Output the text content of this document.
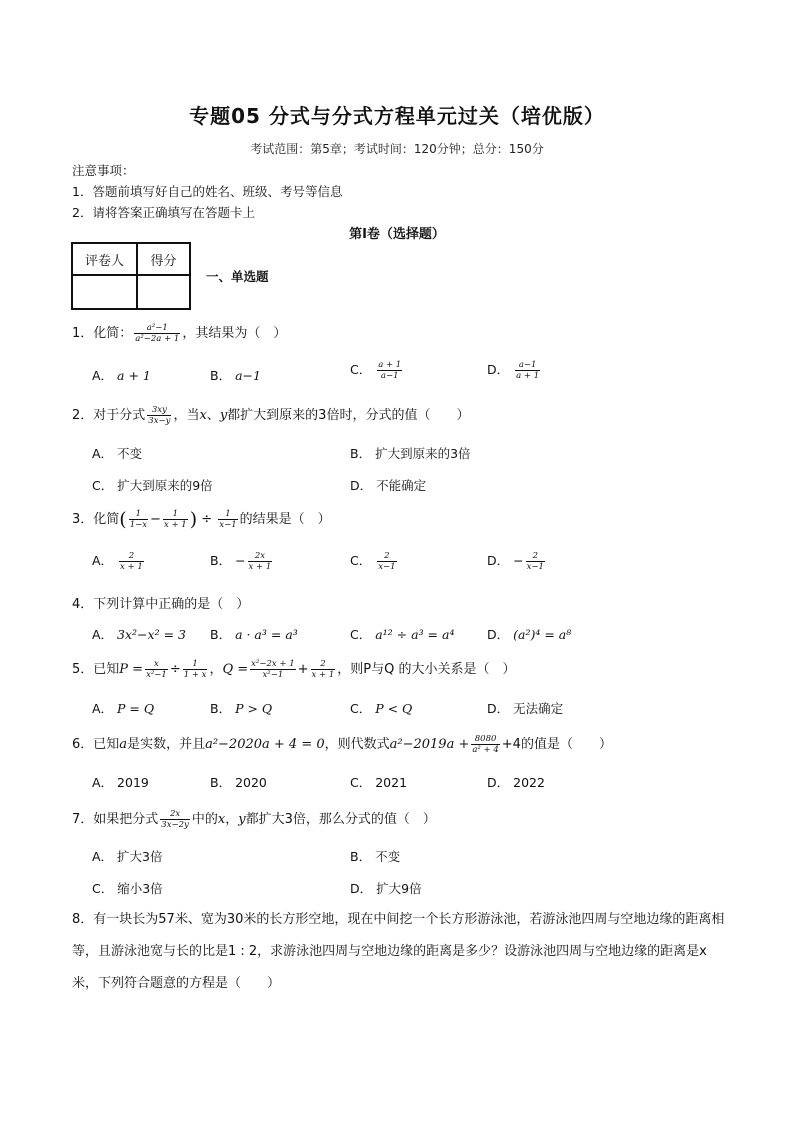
专题05 分式与分式方程单元过关（培优版）
考试范围：第5章；考试时间：120分钟；总分：150分
注意事项：
1．答题前填写好自己的姓名、班级、考号等信息
2．请将答案正确填写在答题卡上
第I卷（选择题）
评卷人	得分

一、单选题
1．化简： $\frac{\text{a²−1}}{\text{a²−2a + 1}}$ ，其结果为（　）
A． a + 1	B． a−1	C． $\frac{a + 1}{a-1}$	D． $\frac{a-1}{a + 1}$
2．对于分式 $\frac{3xy}{3x-y}$ ，当x、y都扩大到原来的3倍时，分式的值（　　）
A． 不变	B． 扩大到原来的3倍
C． 扩大到原来的9倍	D． 不能确定
3．化简( $\frac{1}{1-x} - \frac{1}{x + 1}$ ) ÷ $\frac{1}{x-1}$ 的结果是（　）
A． $\frac{2}{x + 1}$	B． − $\frac{2x}{x + 1}$	C． $\frac{2}{x-1}$	D． − $\frac{2}{x-1}$
4．下列计算中正确的是（　）
A． 3x²−x² = 3 B． a · a³ = a³	C． a¹² ÷ a³ = a⁴	D． (a²)⁴ = a⁸
5．已知$P = \frac{x}{\text{x²−1}} \div \frac{1}{1 + x}$ ，$Q = \frac{\text{x²−2x + 1}}{\text{x²−1}} + \frac{2}{x + 1}$ ，则P与Q 的大小关系是（　）
A． P = Q	B． P > Q	C． P < Q	D． 无法确定
6．已知a是实数，并且a²−2020a + 4 = 0，则代数式$a^2-2019a + \frac{8080}{\text{a² + 4}} +4$的值是（　　）
A． 2019	B． 2020	C． 2021	D． 2022
7．如果把分式 $\frac{2x}{3x-2y}$ 中的x，y都扩大3倍，那么分式的值（　）
A． 扩大3倍	B． 不变
C． 缩小3倍	D． 扩大9倍
8．有一块长为57米、宽为30米的长方形空地，现在中间挖一个长方形游泳池，若游泳池四周与空地边缘的距离相等，且游泳池宽与长的比是1 : 2，求游泳池四周与空地边缘的距离是多少？设游泳池四周与空地边缘的距离是x米，下列符合题意的方程是（　　）
